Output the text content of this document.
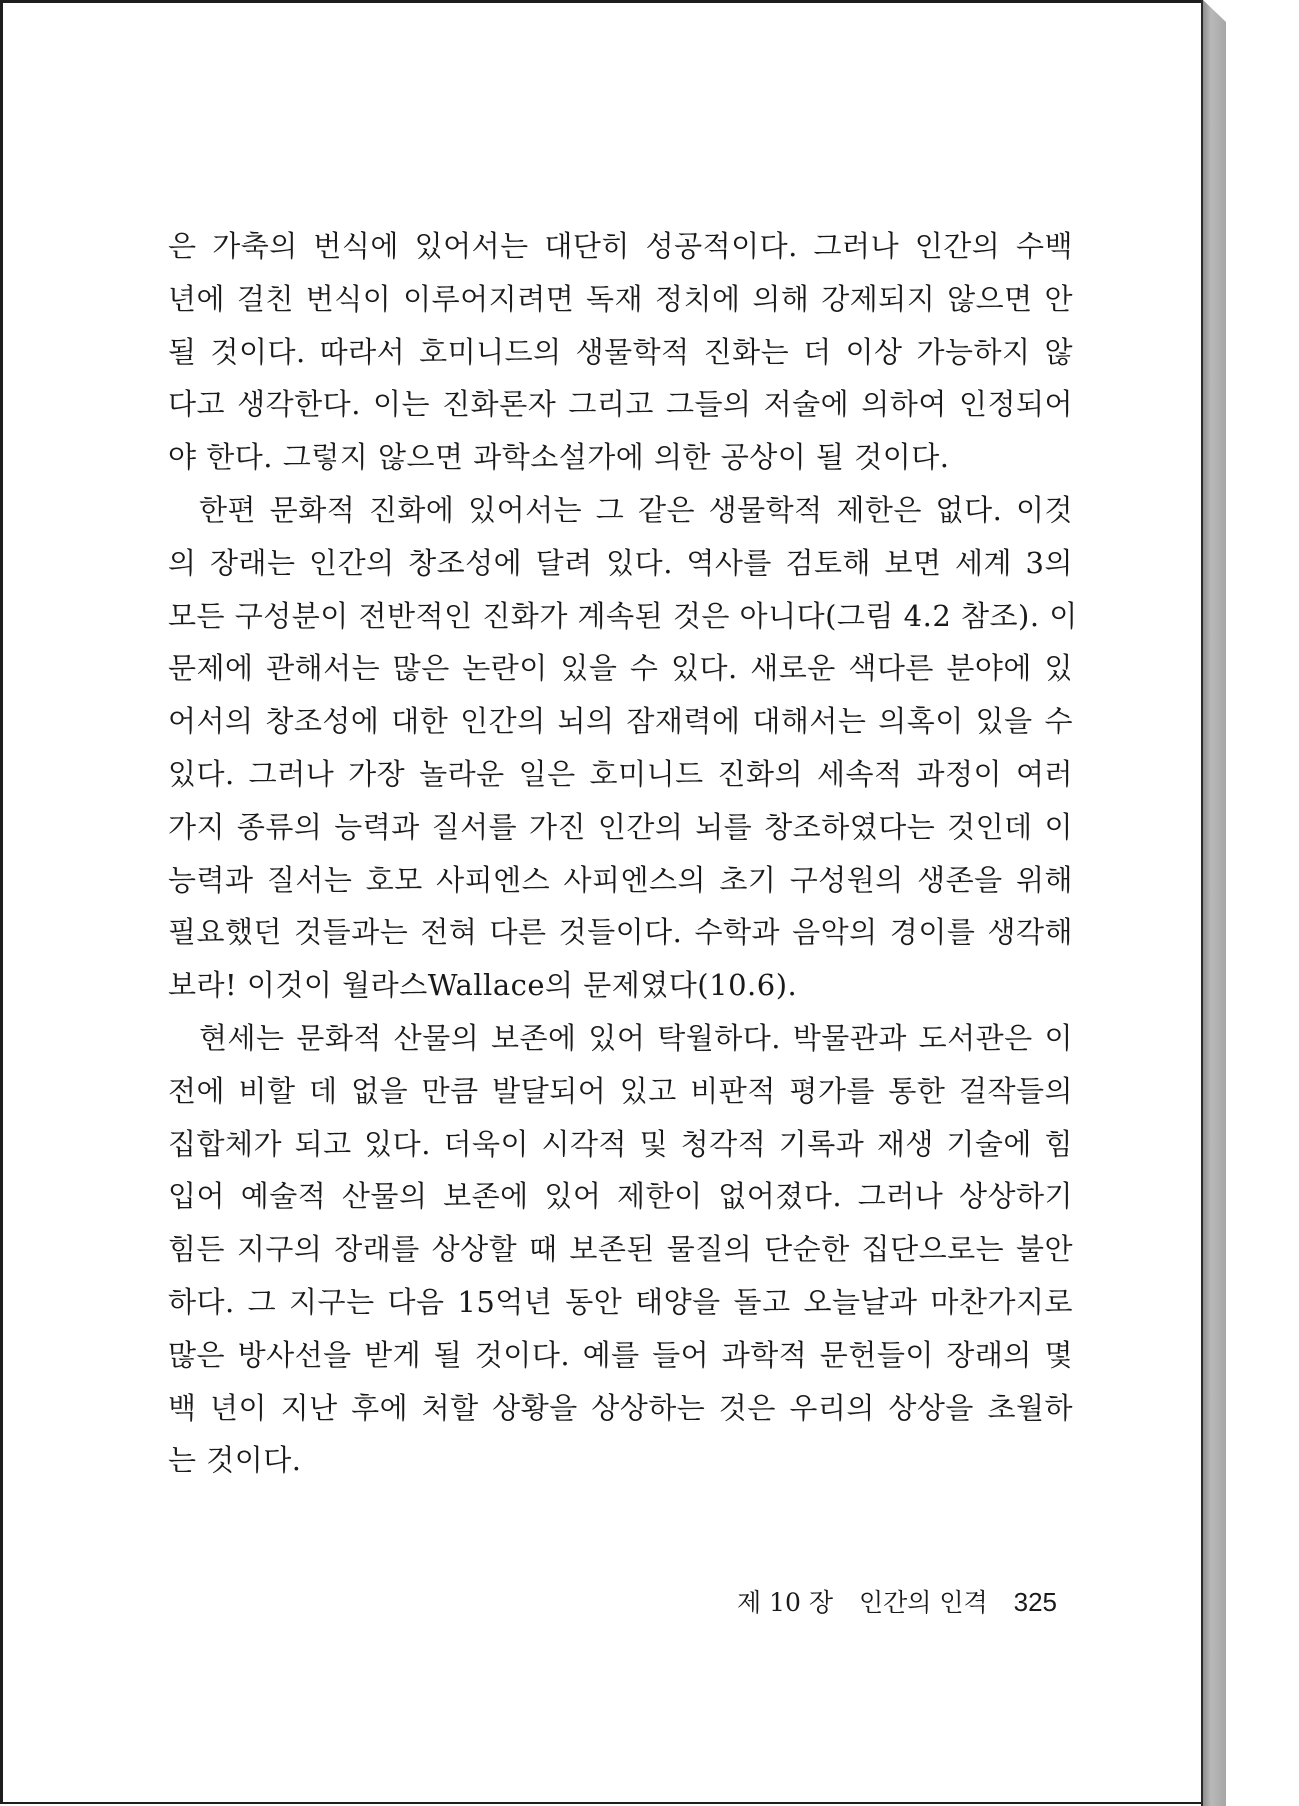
은 가축의 번식에 있어서는 대단히 성공적이다. 그러나 인간의 수백
년에 걸친 번식이 이루어지려면 독재 정치에 의해 강제되지 않으면 안
될 것이다. 따라서 호미니드의 생물학적 진화는 더 이상 가능하지 않
다고 생각한다. 이는 진화론자 그리고 그들의 저술에 의하여 인정되어
야 한다. 그렇지 않으면 과학소설가에 의한 공상이 될 것이다.
한편 문화적 진화에 있어서는 그 같은 생물학적 제한은 없다. 이것
의 장래는 인간의 창조성에 달려 있다. 역사를 검토해 보면 세계 3의
모든 구성분이 전반적인 진화가 계속된 것은 아니다(그림 4.2 참조). 이
문제에 관해서는 많은 논란이 있을 수 있다. 새로운 색다른 분야에 있
어서의 창조성에 대한 인간의 뇌의 잠재력에 대해서는 의혹이 있을 수
있다. 그러나 가장 놀라운 일은 호미니드 진화의 세속적 과정이 여러
가지 종류의 능력과 질서를 가진 인간의 뇌를 창조하였다는 것인데 이
능력과 질서는 호모 사피엔스 사피엔스의 초기 구성원의 생존을 위해
필요했던 것들과는 전혀 다른 것들이다. 수학과 음악의 경이를 생각해
보라! 이것이 월라스Wallace의 문제였다(10.6).
현세는 문화적 산물의 보존에 있어 탁월하다. 박물관과 도서관은 이
전에 비할 데 없을 만큼 발달되어 있고 비판적 평가를 통한 걸작들의
집합체가 되고 있다. 더욱이 시각적 및 청각적 기록과 재생 기술에 힘
입어 예술적 산물의 보존에 있어 제한이 없어졌다. 그러나 상상하기
힘든 지구의 장래를 상상할 때 보존된 물질의 단순한 집단으로는 불안
하다. 그 지구는 다음 15억년 동안 태양을 돌고 오늘날과 마찬가지로
많은 방사선을 받게 될 것이다. 예를 들어 과학적 문헌들이 장래의 몇
백 년이 지난 후에 처할 상황을 상상하는 것은 우리의 상상을 초월하
는 것이다.
제 10 장 인간의 인격 325
